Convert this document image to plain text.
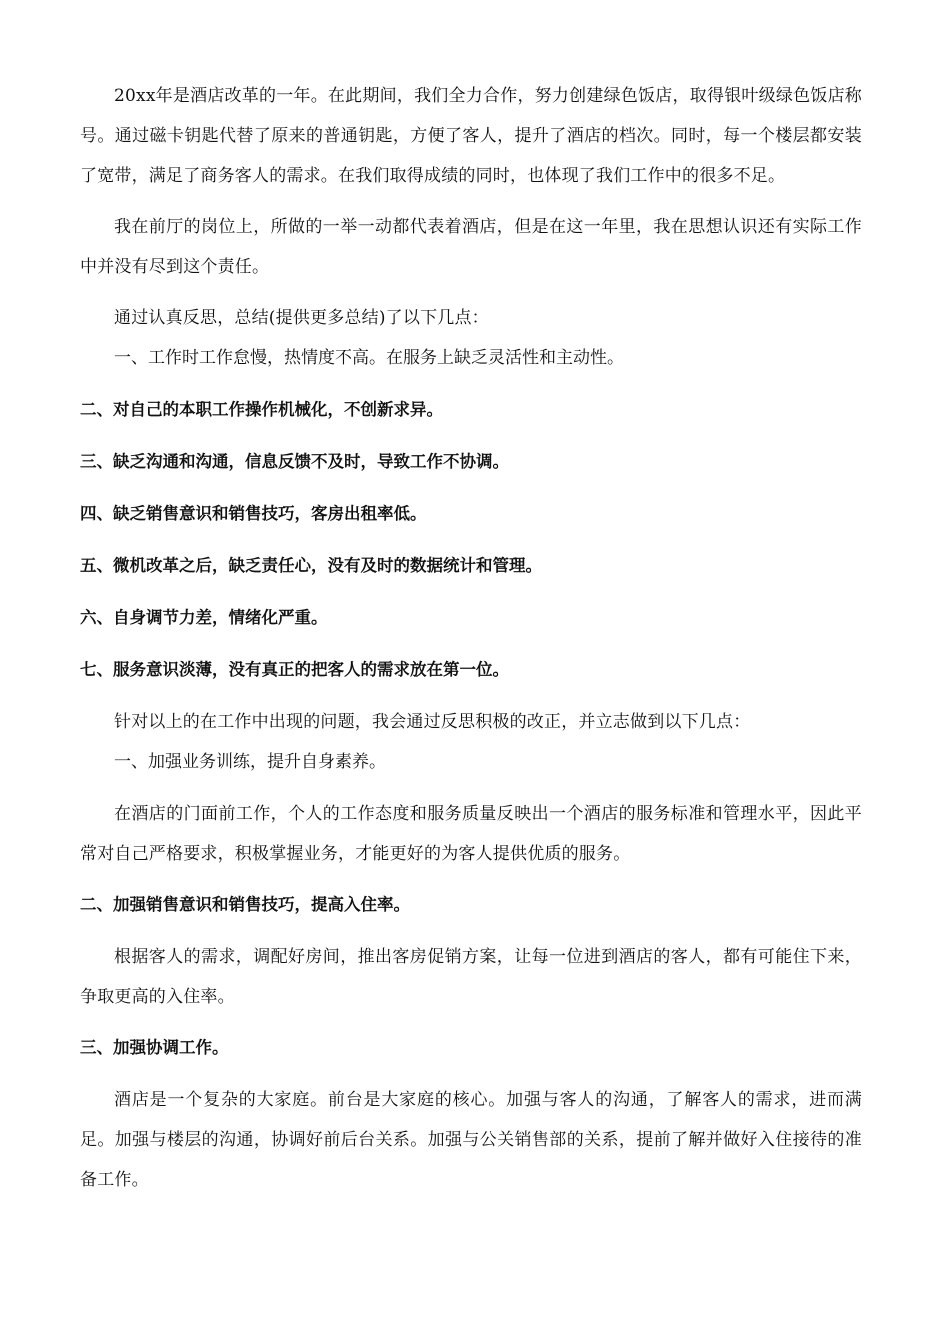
20xx年是酒店改革的一年。在此期间，我们全力合作，努力创建绿色饭店，取得银叶级绿色饭店称号。通过磁卡钥匙代替了原来的普通钥匙，方便了客人，提升了酒店的档次。同时，每一个楼层都安装了宽带，满足了商务客人的需求。在我们取得成绩的同时，也体现了我们工作中的很多不足。

我在前厅的岗位上，所做的一举一动都代表着酒店，但是在这一年里，我在思想认识还有实际工作中并没有尽到这个责任。

通过认真反思，总结(提供更多总结)了以下几点：

一、工作时工作怠慢，热情度不高。在服务上缺乏灵活性和主动性。
二、对自己的本职工作操作机械化，不创新求异。
三、缺乏沟通和沟通，信息反馈不及时，导致工作不协调。
四、缺乏销售意识和销售技巧，客房出租率低。
五、微机改革之后，缺乏责任心，没有及时的数据统计和管理。
六、自身调节力差，情绪化严重。
七、服务意识淡薄，没有真正的把客人的需求放在第一位。

针对以上的在工作中出现的问题，我会通过反思积极的改正，并立志做到以下几点：

一、加强业务训练，提升自身素养。

在酒店的门面前工作，个人的工作态度和服务质量反映出一个酒店的服务标准和管理水平，因此平常对自己严格要求，积极掌握业务，才能更好的为客人提供优质的服务。

二、加强销售意识和销售技巧，提高入住率。

根据客人的需求，调配好房间，推出客房促销方案，让每一位进到酒店的客人，都有可能住下来，争取更高的入住率。

三、加强协调工作。

酒店是一个复杂的大家庭。前台是大家庭的核心。加强与客人的沟通，了解客人的需求，进而满足。加强与楼层的沟通，协调好前后台关系。加强与公关销售部的关系，提前了解并做好入住接待的准备工作。
